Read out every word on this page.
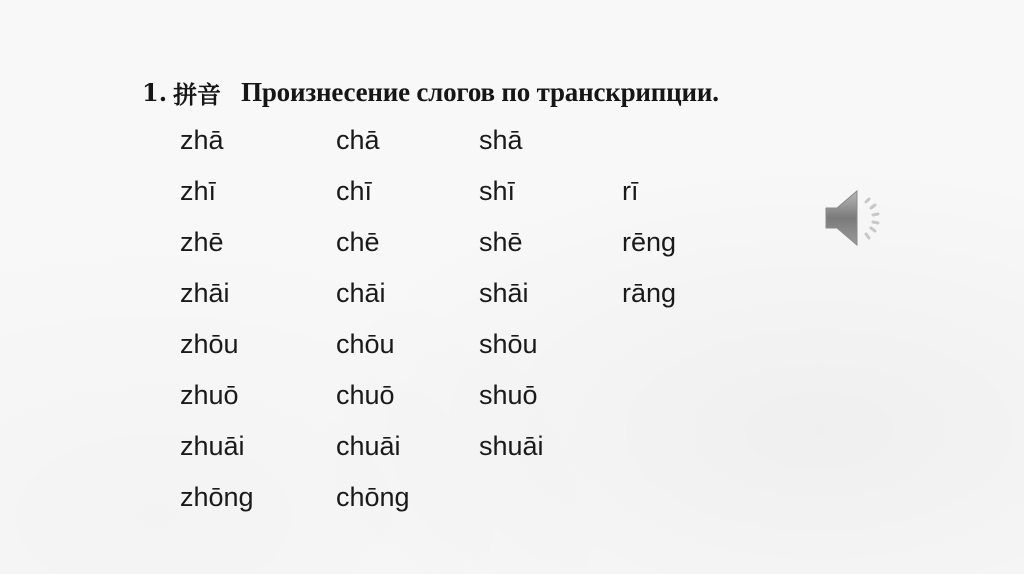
1. 拼音 Произнесение слогов по транскрипции.
zhā
zhī
zhē
zhāi
zhōu
zhuō
zhuāi
zhōng
chā
chī
chē
chāi
chōu
chuō
chuāi
chōng
shā
shī
shē
shāi
shōu
shuō
shuāi
rī
rēng
rāng
